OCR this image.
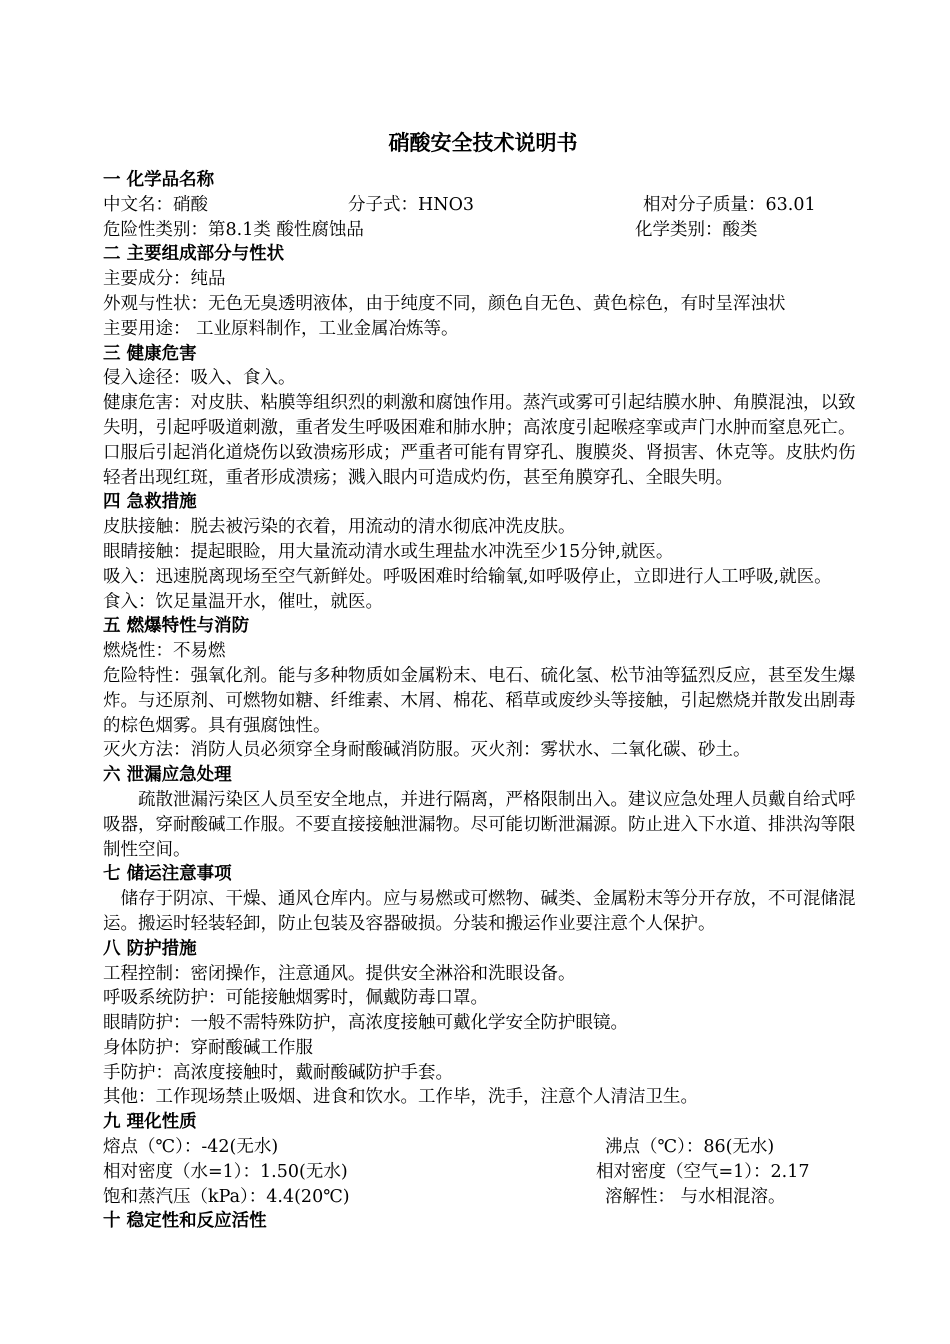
硝酸安全技术说明书
一 化学品名称
中文名：硝酸	分子式：HNO3	相对分子质量：63.01
危险性类别：第8.1类 酸性腐蚀品	化学类别：酸类
二 主要组成部分与性状
主要成分：纯品
外观与性状：无色无臭透明液体，由于纯度不同，颜色自无色、黄色棕色，有时呈浑浊状
主要用途： 工业原料制作，工业金属冶炼等。
三 健康危害
侵入途径：吸入、食入。
健康危害：对皮肤、粘膜等组织烈的刺激和腐蚀作用。蒸汽或雾可引起结膜水肿、角膜混浊，以致失明，引起呼吸道刺激，重者发生呼吸困难和肺水肿；高浓度引起喉痉挛或声门水肿而窒息死亡。口服后引起消化道烧伤以致溃疡形成；严重者可能有胃穿孔、腹膜炎、肾损害、休克等。皮肤灼伤轻者出现红斑，重者形成溃疡；溅入眼内可造成灼伤，甚至角膜穿孔、全眼失明。
四 急救措施
皮肤接触：脱去被污染的衣着，用流动的清水彻底冲洗皮肤。
眼睛接触：提起眼睑，用大量流动清水或生理盐水冲洗至少15分钟,就医。
吸入：迅速脱离现场至空气新鲜处。呼吸困难时给输氧,如呼吸停止，立即进行人工呼吸,就医。
食入：饮足量温开水，催吐，就医。
五 燃爆特性与消防
燃烧性：不易燃
危险特性：强氧化剂。能与多种物质如金属粉末、电石、硫化氢、松节油等猛烈反应，甚至发生爆炸。与还原剂、可燃物如糖、纤维素、木屑、棉花、稻草或废纱头等接触，引起燃烧并散发出剧毒的棕色烟雾。具有强腐蚀性。
灭火方法：消防人员必须穿全身耐酸碱消防服。灭火剂：雾状水、二氧化碳、砂土。
六 泄漏应急处理
疏散泄漏污染区人员至安全地点，并进行隔离，严格限制出入。建议应急处理人员戴自给式呼吸器，穿耐酸碱工作服。不要直接接触泄漏物。尽可能切断泄漏源。防止进入下水道、排洪沟等限制性空间。
七 储运注意事项
储存于阴凉、干燥、通风仓库内。应与易燃或可燃物、碱类、金属粉末等分开存放，不可混储混运。搬运时轻装轻卸，防止包装及容器破损。分装和搬运作业要注意个人保护。
八 防护措施
工程控制：密闭操作，注意通风。提供安全淋浴和洗眼设备。
呼吸系统防护：可能接触烟雾时，佩戴防毒口罩。
眼睛防护：一般不需特殊防护，高浓度接触可戴化学安全防护眼镜。
身体防护：穿耐酸碱工作服
手防护：高浓度接触时，戴耐酸碱防护手套。
其他：工作现场禁止吸烟、进食和饮水。工作毕，洗手，注意个人清洁卫生。
九 理化性质
熔点（℃）：-42(无水)	沸点（℃）：86(无水)
相对密度（水=1）：1.50(无水)	相对密度（空气=1）：2.17
饱和蒸汽压（kPa）：4.4(20℃)	溶解性： 与水相混溶。
十 稳定性和反应活性
